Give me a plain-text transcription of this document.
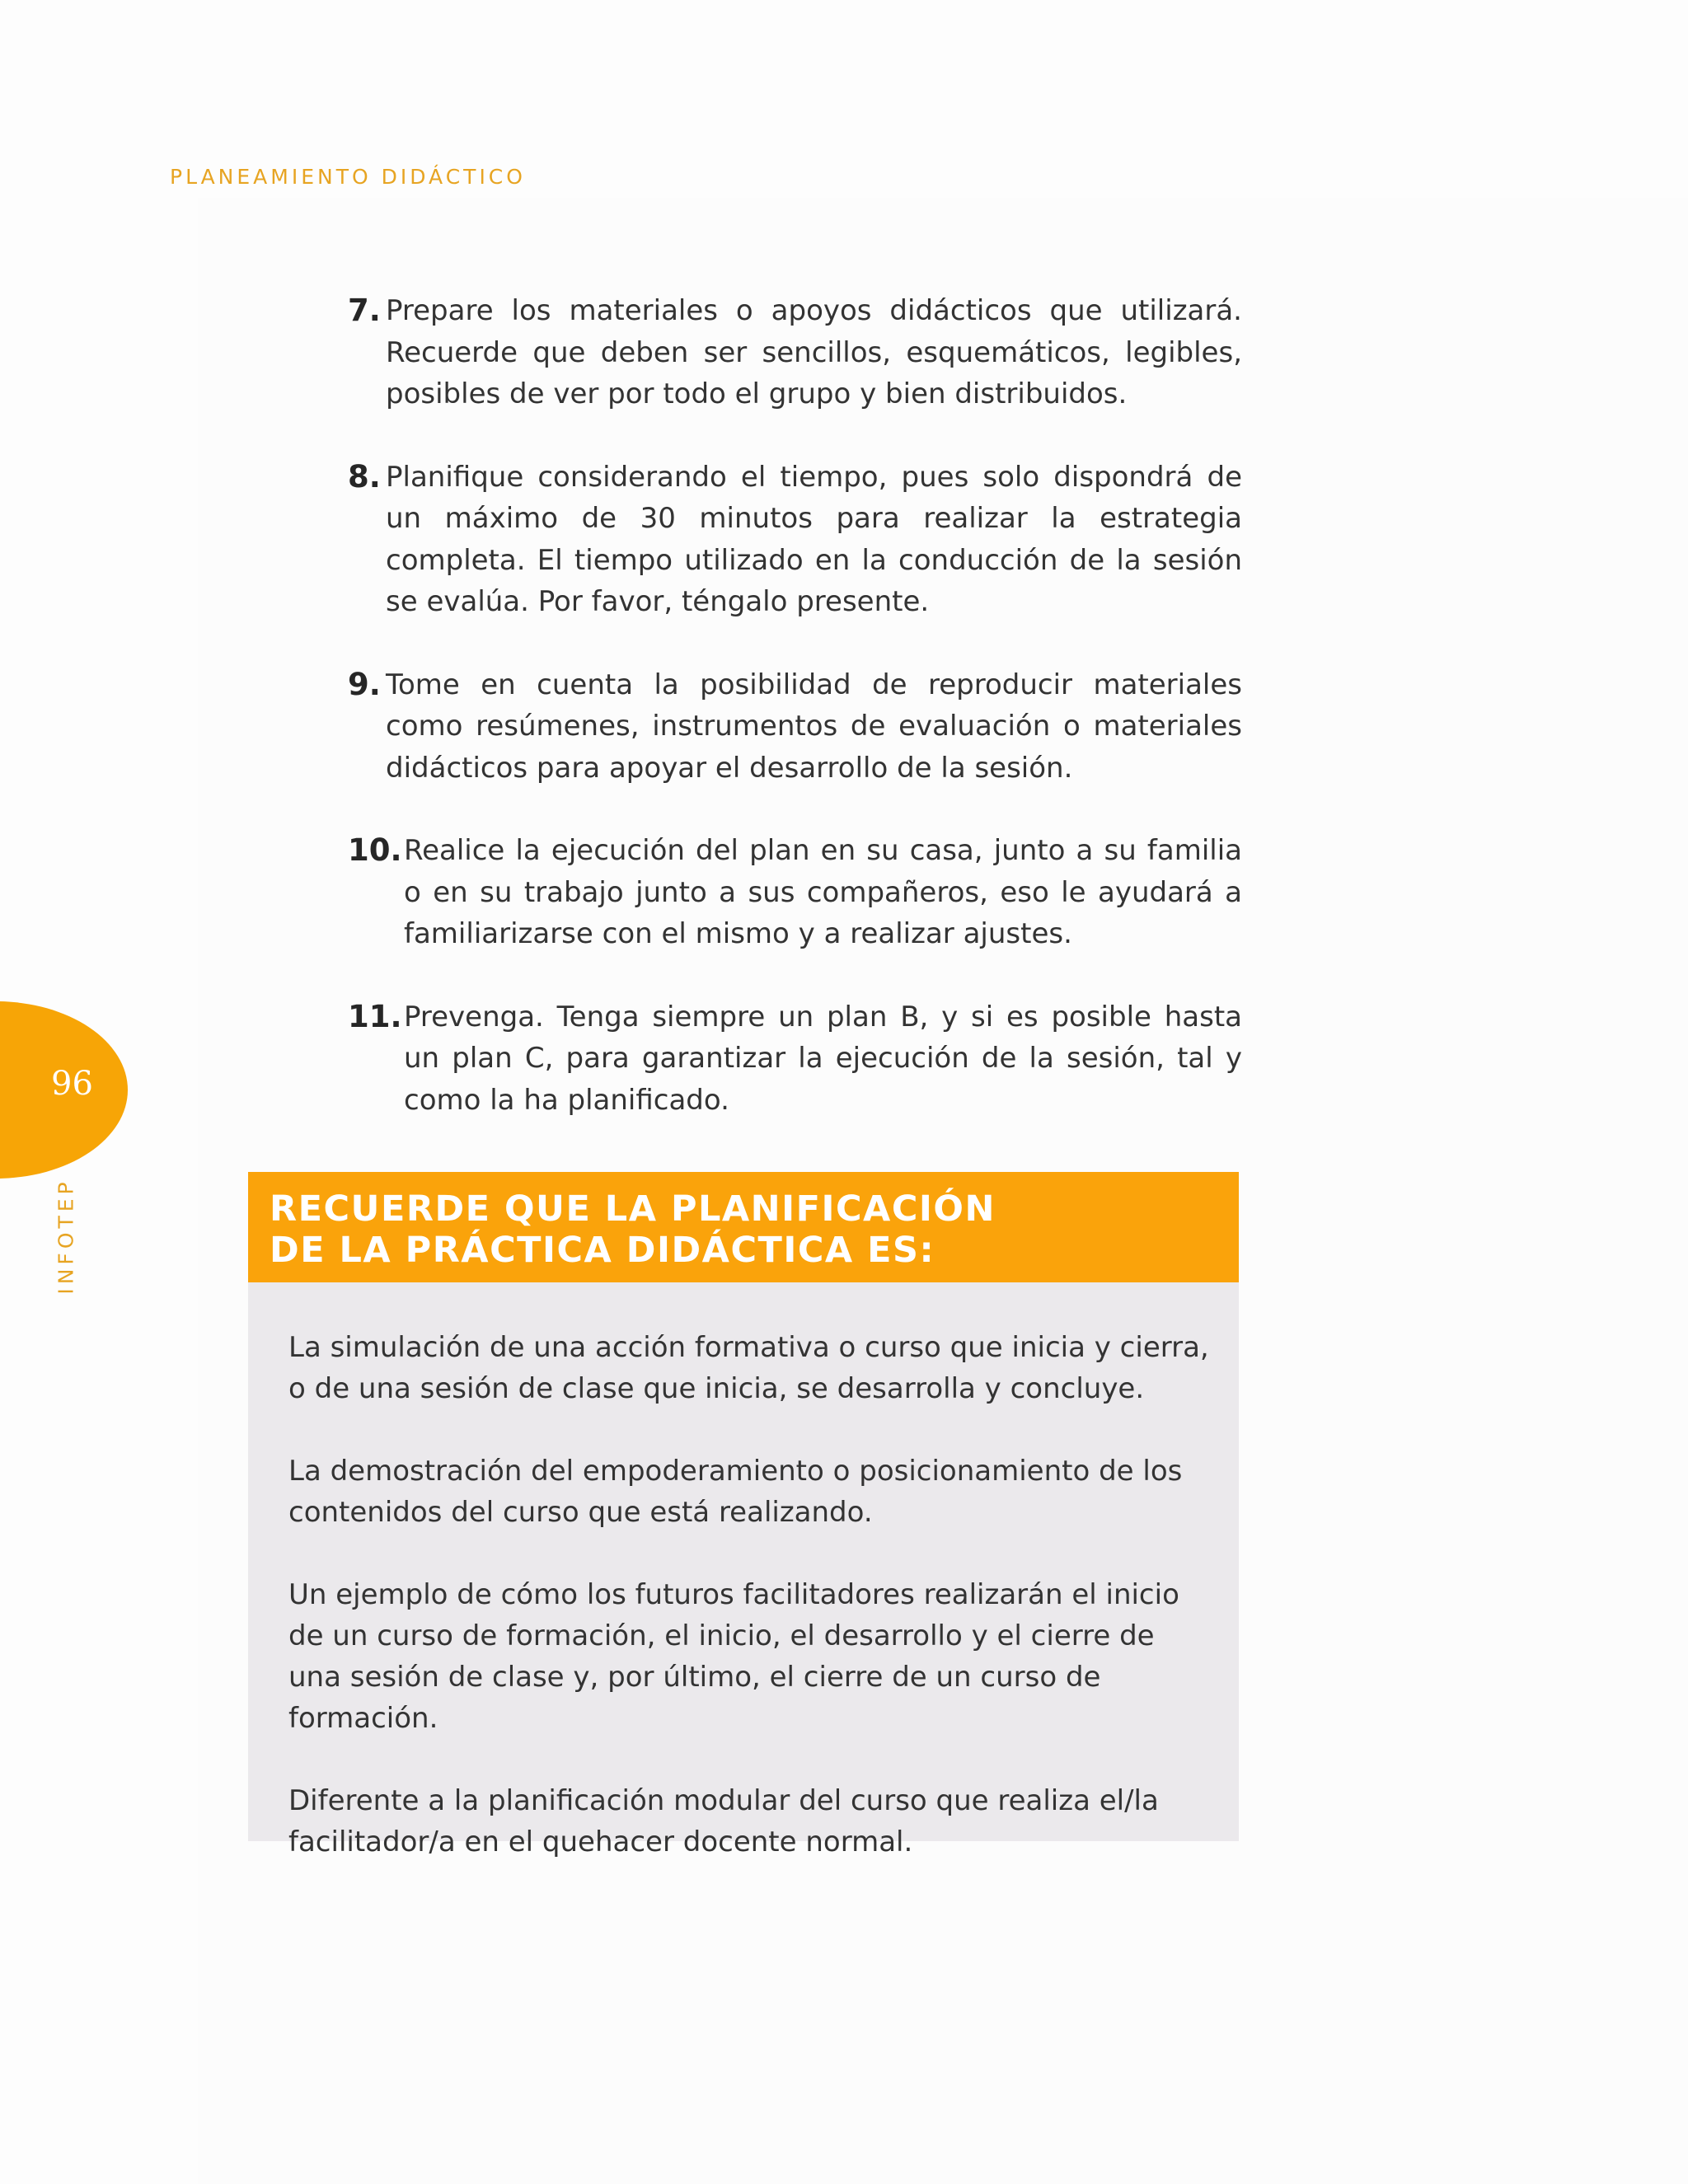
PLANEAMIENTO DIDÁCTICO
96
INFOTEP
7. Prepare los materiales o apoyos didácticos que utilizará. Recuerde que deben ser sencillos, esquemáticos, legibles, posibles de ver por todo el grupo y bien distribuidos.
8. Planifique considerando el tiempo, pues solo dispondrá de un máximo de 30 minutos para realizar la estrategia completa. El tiempo utilizado en la conducción de la sesión se evalúa. Por favor, téngalo presente.
9. Tome en cuenta la posibilidad de reproducir materiales como resúmenes, instrumentos de evaluación o materiales didácticos para apoyar el desarrollo de la sesión.
10. Realice la ejecución del plan en su casa, junto a su familia o en su trabajo junto a sus compañeros, eso le ayudará a familiarizarse con el mismo y a realizar ajustes.
11. Prevenga. Tenga siempre un plan B, y si es posible hasta un plan C, para garantizar la ejecución de la sesión, tal y como la ha planificado.
RECUERDE QUE LA PLANIFICACIÓN
DE LA PRÁCTICA DIDÁCTICA ES:

La simulación de una acción formativa o curso que inicia y cierra, o de una sesión de clase que inicia, se desarrolla y concluye.

La demostración del empoderamiento o posicionamiento de los contenidos del curso que está realizando.

Un ejemplo de cómo los futuros facilitadores realizarán el inicio de un curso de formación, el inicio, el desarrollo y el cierre de una sesión de clase y, por último, el cierre de un curso de formación.

Diferente a la planificación modular del curso que realiza el/la facilitador/a en el quehacer docente normal.
